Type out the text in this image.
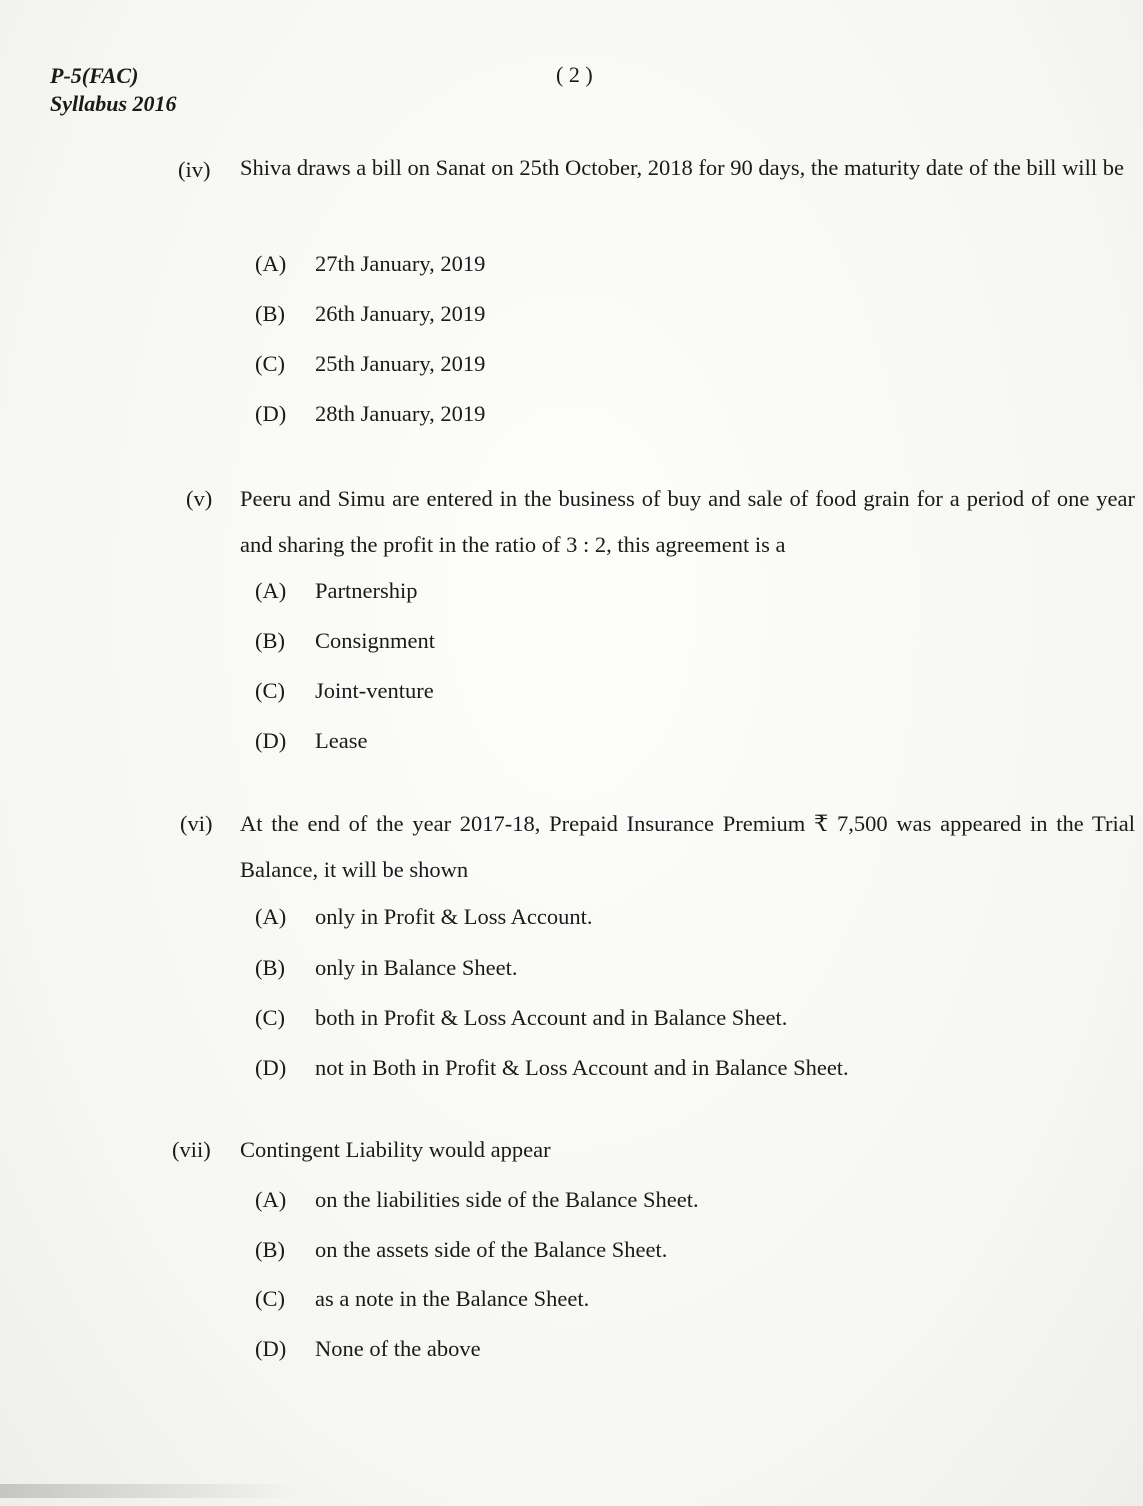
P-5(FAC)
Syllabus 2016
( 2 )
(iv) Shiva draws a bill on Sanat on 25th October, 2018 for 90 days, the maturity date of the bill will be
(A) 27th January, 2019
(B) 26th January, 2019
(C) 25th January, 2019
(D) 28th January, 2019
(v) Peeru and Simu are entered in the business of buy and sale of food grain for a period of one year and sharing the profit in the ratio of 3 : 2, this agreement is a
(A) Partnership
(B) Consignment
(C) Joint-venture
(D) Lease
(vi) At the end of the year 2017-18, Prepaid Insurance Premium ₹ 7,500 was appeared in the Trial Balance, it will be shown
(A) only in Profit & Loss Account.
(B) only in Balance Sheet.
(C) both in Profit & Loss Account and in Balance Sheet.
(D) not in Both in Profit & Loss Account and in Balance Sheet.
(vii) Contingent Liability would appear
(A) on the liabilities side of the Balance Sheet.
(B) on the assets side of the Balance Sheet.
(C) as a note in the Balance Sheet.
(D) None of the above
